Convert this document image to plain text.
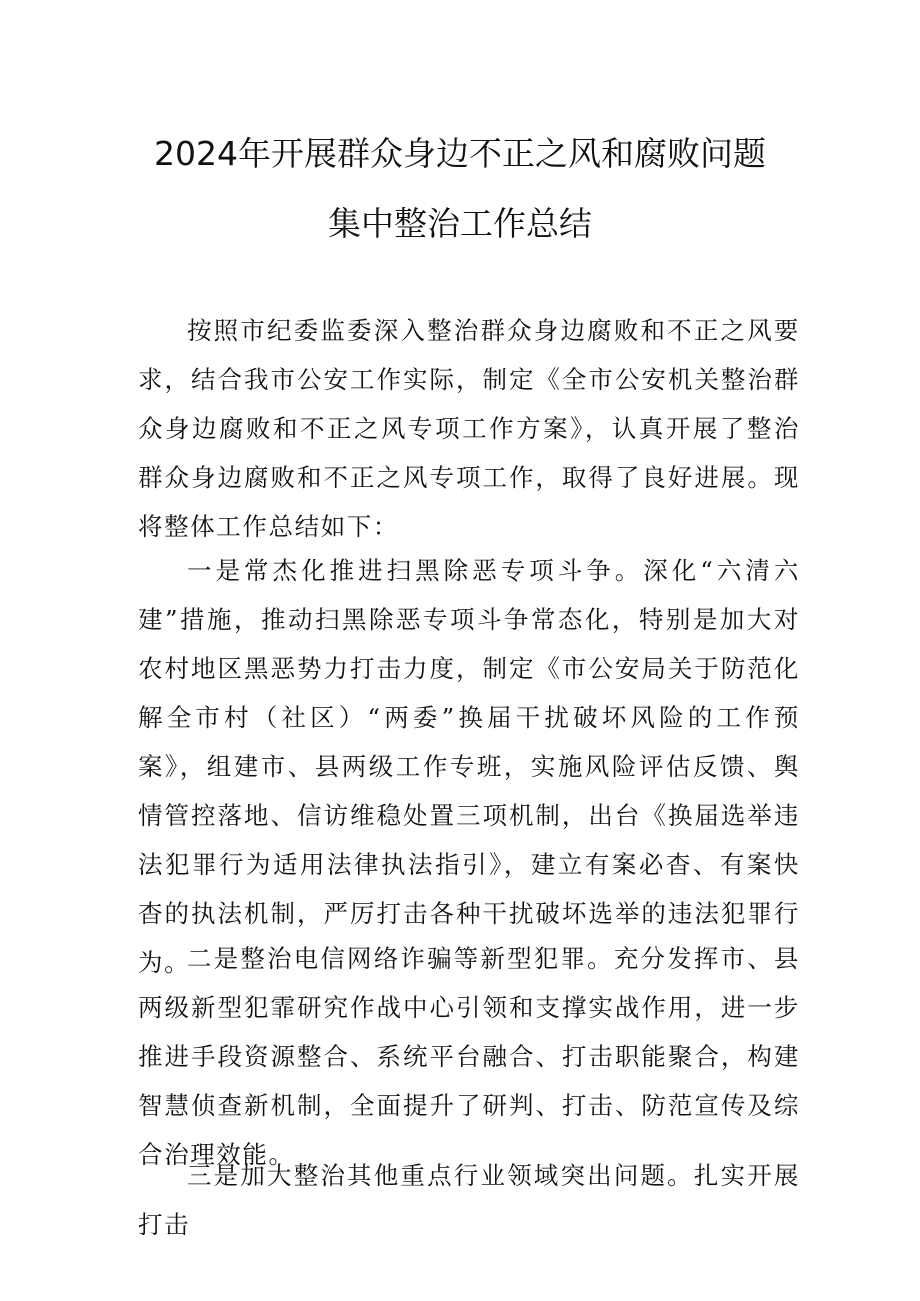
2024年开展群众身边不正之风和腐败问题
集中整治工作总结

按照市纪委监委深入整治群众身边腐败和不正之风要求，结合我市公安工作实际，制定《全市公安机关整治群众身边腐败和不正之风专项工作方案》，认真开展了整治群众身边腐败和不正之风专项工作，取得了良好进展。现将整体工作总结如下：

一是常杰化推进扫黑除恶专项斗争。深化“六清六建”措施，推动扫黑除恶专项斗争常态化，特别是加大对农村地区黑恶势力打击力度，制定《市公安局关于防范化解全市村（社区）“两委”换届干扰破坏风险的工作预案》，组建市、县两级工作专班，实施风险评估反馈、舆情管控落地、信访维稳处置三项机制，出台《换届选举违法犯罪行为适用法律执法指引》，建立有案必杳、有案快杳的执法机制，严厉打击各种干扰破坏选举的违法犯罪行为。

二是整治电信网络诈骗等新型犯罪。充分发挥市、县两级新型犯霏研究作战中心引领和支撑实战作用，进一步推进手段资源整合、系统平台融合、打击职能聚合，构建智慧侦查新机制，全面提升了研判、打击、防范宣传及综合治理效能。

三是加大整治其他重点行业领域突出问题。扎实开展打击
